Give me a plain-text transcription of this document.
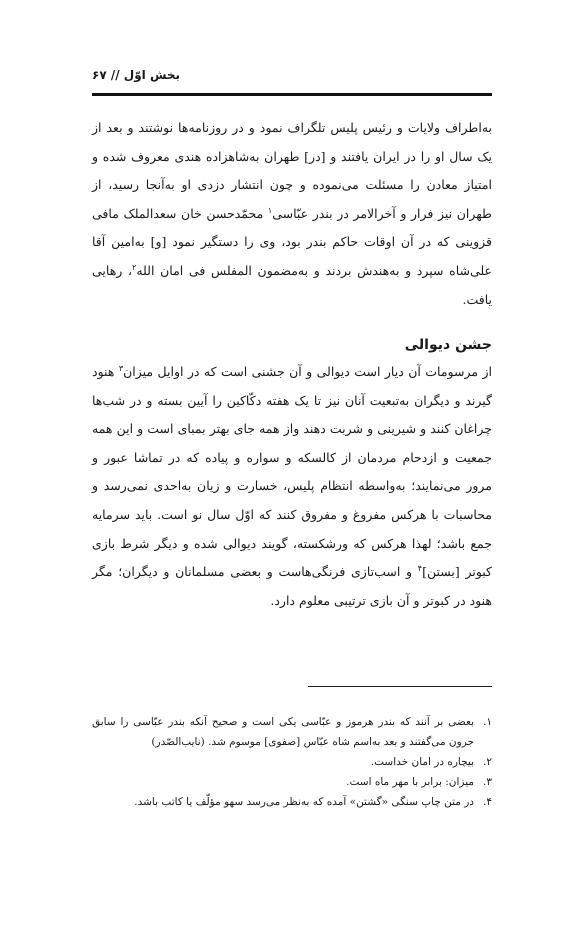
بخش اوّل // ۶۷

به‌اطراف ولایات و رئیس پلیس تلگراف نمود و در روزنامه‌ها نوشتند و بعد از یک سال او را در ایران یافتند و [در] طهران به‌شاهزاده هندی معروف شده و امتیاز معادن را مسئلت می‌نموده و چون انتشار دزدی او به‌آنجا رسید، از طهران نیز فرار و آخرالامر در بندر عبّاسی$^۱$ محمّدحسن خان سعدالملک مافی قزوینی که در آن اوقات حاکم بندر بود، وی را دستگیر نمود [و] به‌امین آقا علی‌شاه سپرد و به‌هندش بردند و به‌مضمون المفلس فی امان الله$^۲$، رهایی یافت.

جشن دیوالی

از مرسومات آن دیار است دیوالی و آن جشنی است که در اوایل میزان$^۳$ هنود گیرند و دیگران به‌تبعیت آنان نیز تا یک هفته دکّاکین را آیین بسته و در شب‌ها چراغان کنند و شیرینی و شربت دهند واز همه جای بهتر بمبای است و این همه جمعیت و ازدحام مردمان از کالسکه و سواره و پیاده که در تماشا عبور و مرور می‌نمایند؛ به‌واسطه انتظام پلیس، خسارت و زیان به‌احدی نمی‌رسد و محاسبات با هرکس مفروغ و مفروق کنند که اوّل سال نو است. باید سرمایه جمع باشد؛ لهذا هرکس که ورشکسته، گویند دیوالی شده و دیگر شرط بازی کبوتر [بستن]$^۴$ و اسب‌تازی فرنگی‌هاست و بعضی مسلمانان و دیگران؛ مگر هنود در کبوتر و آن بازی ترتیبی معلوم دارد.

۱.
بعضی بر آنند که بندر هرموز و عبّاسی یکی است و صحیح آنکه بندر عبّاسی را سابق جرون می‌گفتند و بعد به‌اسم شاه عبّاس [صفوی] موسوم شد. (نایب‌الصّدر)
۲.
بیچاره در امان خداست.
۳.
میزان: برابر با مهر ماه است.
۴.
در متن چاپ سنگی «گشتن» آمده که به‌نظر می‌رسد سهو مؤلّف یا کاتب باشد.
